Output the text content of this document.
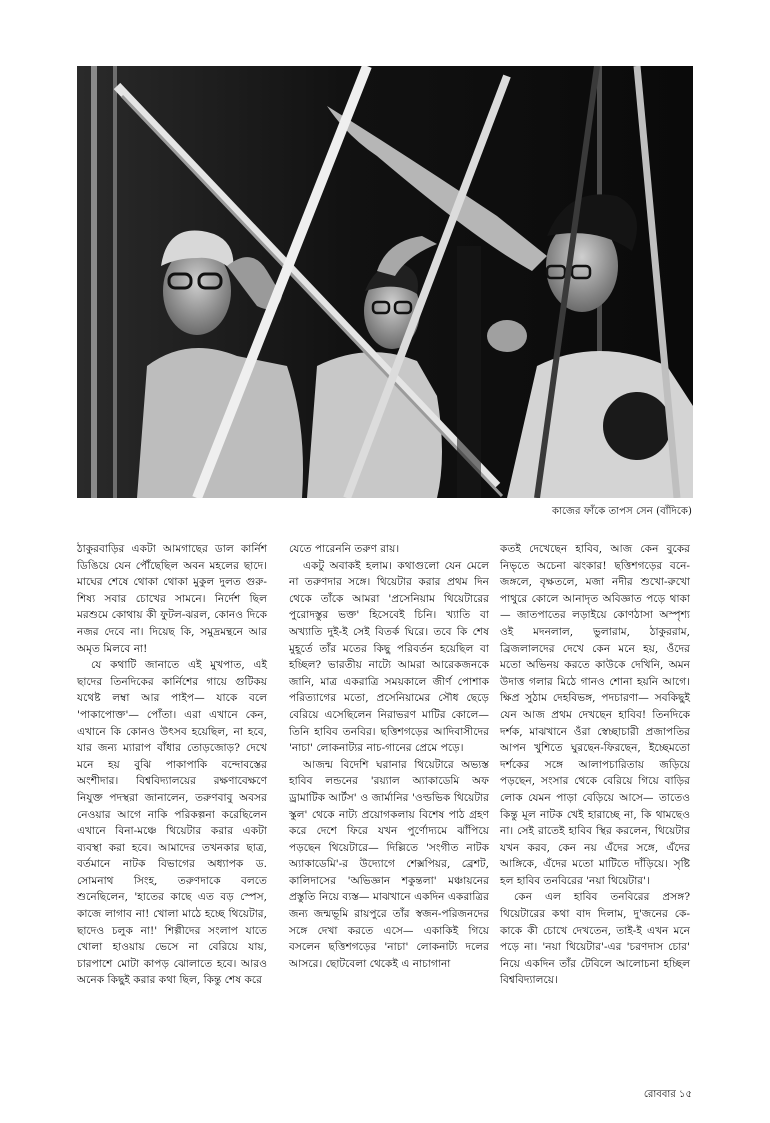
কাজের ফাঁকে তাপস সেন (বাঁদিকে)

ঠাকুরবাড়ির একটা আমগাছের ডাল কার্নিশ ডিঙিয়ে যেন পৌঁছেছিল অবন মহলের ছাদে। মাঘের শেষে থোকা থোকা মুকুল দুলত গুরু-শিষ্য সবার চোখের সামনে। নির্দেশ ছিল মরশুমে কোথায় কী ফুটল-ঝরল, কোনও দিকে নজর দেবে না। দিয়েছ কি, সমুদ্রমন্থনে আর অমৃত মিলবে না!

যে কথাটি জানাতে এই মুখপাত, এই ছাদের তিনদিকের কার্নিশের গায়ে গুটিকয় যথেষ্ট লম্বা আর পাইপ— যাকে বলে 'পাকাপোক্ত'— পোঁতা। এরা এখানে কেন, এখানে কি কোনও উৎসব হয়েছিল, না হবে, যার জন্য ম্যারাপ বাঁধার তোড়জোড়? দেখে মনে হয় বুঝি পাকাপাকি বন্দোবস্তের অংশীদার। বিশ্ববিদ্যালয়ের রক্ষণাবেক্ষণে নিযুক্ত পদস্থরা জানালেন, তরুণবাবু অবসর নেওয়ার আগে নাকি পরিকল্পনা করেছিলেন এখানে বিনা-মঞ্চে থিয়েটার করার একটা ব্যবস্থা করা হবে। আমাদের তখনকার ছাত্র, বর্তমানে নাটক বিভাগের অধ্যাপক ড. সোমনাথ সিংহ, তরুণদাকে বলতে শুনেছিলেন, 'হাতের কাছে এত বড় স্পেস, কাজে লাগাব না! খোলা মাঠে হচ্ছে থিয়েটার, ছাদেও চলুক না!' শিল্পীদের সংলাপ যাতে খোলা হাওয়ায় ভেসে না বেরিয়ে যায়, চারপাশে মোটা কাপড় ঝোলাতে হবে। আরও অনেক কিছুই করার কথা ছিল, কিন্তু শেষ করে

যেতে পারেননি তরুণ রায়।

একটু অবাকই হলাম। কথাগুলো যেন মেলে না তরুণদার সঙ্গে। থিয়েটার করার প্রথম দিন থেকে তাঁকে আমরা 'প্রসেনিয়াম থিয়েটারের পুরোদস্তুর ভক্ত' হিসেবেই চিনি। খ্যাতি বা অখ্যাতি দুই-ই সেই বিতর্ক ঘিরে। তবে কি শেষ মুহূর্তে তাঁর মতের কিছু পরিবর্তন হয়েছিল বা হচ্ছিল? ভারতীয় নাট্যে আমরা আরেকজনকে জানি, মাত্র একরাত্রি সময়কালে জীর্ণ পোশাক পরিত্যাগের মতো, প্রসেনিয়ামের সৌধ ছেড়ে বেরিয়ে এসেছিলেন নিরাভরণ মাটির কোলে— তিনি হাবিব তনবির। ছত্তিশগড়ের আদিবাসীদের 'নাচা' লোকনাট্যর নাচ-গানের প্রেমে পড়ে।

আজন্ম বিদেশি ঘরানার থিয়েটারে অভ্যস্ত হাবিব লন্ডনের 'রয়্যাল অ্যাকাডেমি অফ ড্রামাটিক আর্টস' ও জার্মানির 'ওল্ডভিক থিয়েটার স্কুল' থেকে নাট্য প্রয়োগকলায় বিশেষ পাঠ গ্রহণ করে দেশে ফিরে যখন পুর্ণোদ্যমে ঝাঁপিয়ে পড়ছেন থিয়েটারে— দিল্লিতে 'সংগীত নাটক অ্যাকাডেমি'-র উদ্যোগে শেক্সপিয়র, ব্রেশট, কালিদাসের 'অভিজ্ঞান শকুন্তলা' মঞ্চায়নের প্রস্তুতি নিয়ে ব্যস্ত— মাঝখানে একদিন একরাত্রির জন্য জন্মভূমি রায়পুরে তাঁর স্বজন-পরিজনদের সঙ্গে দেখা করতে এসে— একাকিই গিয়ে বসলেন ছত্তিশগড়ের 'নাচা' লোকনাট্য দলের আসরে। ছোটবেলা থেকেই এ নাচাগানা

কতই দেখেছেন হাবিব, আজ কেন বুকের নিভৃতে অচেনা ঝংকার! ছত্তিশগড়ের বনে-জঙ্গলে, বৃক্ষতলে, মজা নদীর শুখো-রুখো পাথুরে কোলে আনাদৃত অবিজ্ঞাত পড়ে থাকা— জাতপাতের লড়াইয়ে কোণঠাসা অস্পৃশ্য ওই মদনলাল, ভুলারাম, ঠাকুররাম, ব্রিজলালদের দেখে কেন মনে হয়, ওঁদের মতো অভিনয় করতে কাউকে দেখিনি, অমন উদাত্ত গলার মিঠে গানও শোনা হয়নি আগে। ক্ষিপ্র সুঠাম দেহবিভঙ্গ, পদচারণা— সবকিছুই যেন আজ প্রথম দেখছেন হাবিব! তিনদিকে দর্শক, মাঝখানে ওঁরা স্বেচ্ছাচারী প্রজাপতির আপন খুশিতে ঘুরছেন-ফিরছেন, ইচ্ছেমতো দর্শকের সঙ্গে আলাপচারিতায় জড়িয়ে পড়ছেন, সংসার থেকে বেরিয়ে গিয়ে বাড়ির লোক যেমন পাড়া বেড়িয়ে আসে— তাতেও কিন্তু মূল নাটক খেই হারাচ্ছে না, কি থামছেও না। সেই রাতেই হাবিব স্থির করলেন, থিয়েটার যখন করব, কেন নয় এঁদের সঙ্গে, এঁদের আঙ্গিকে, এঁদের মতো মাটিতে দাঁড়িয়ে। সৃষ্টি হল হাবিব তনবিরের 'নয়া থিয়েটার'।

কেন এল হাবিব তনবিরের প্রসঙ্গ? থিয়েটারের কথা বাদ দিলাম, দু'জনের কে-কাকে কী চোখে দেখতেন, তাই-ই এখন মনে পড়ে না। 'নয়া থিয়েটার'-এর 'চরণদাস চোর' নিয়ে একদিন তাঁর টেবিলে আলোচনা হচ্ছিল বিশ্ববিদ্যালয়ে।

রোববার ১৫
